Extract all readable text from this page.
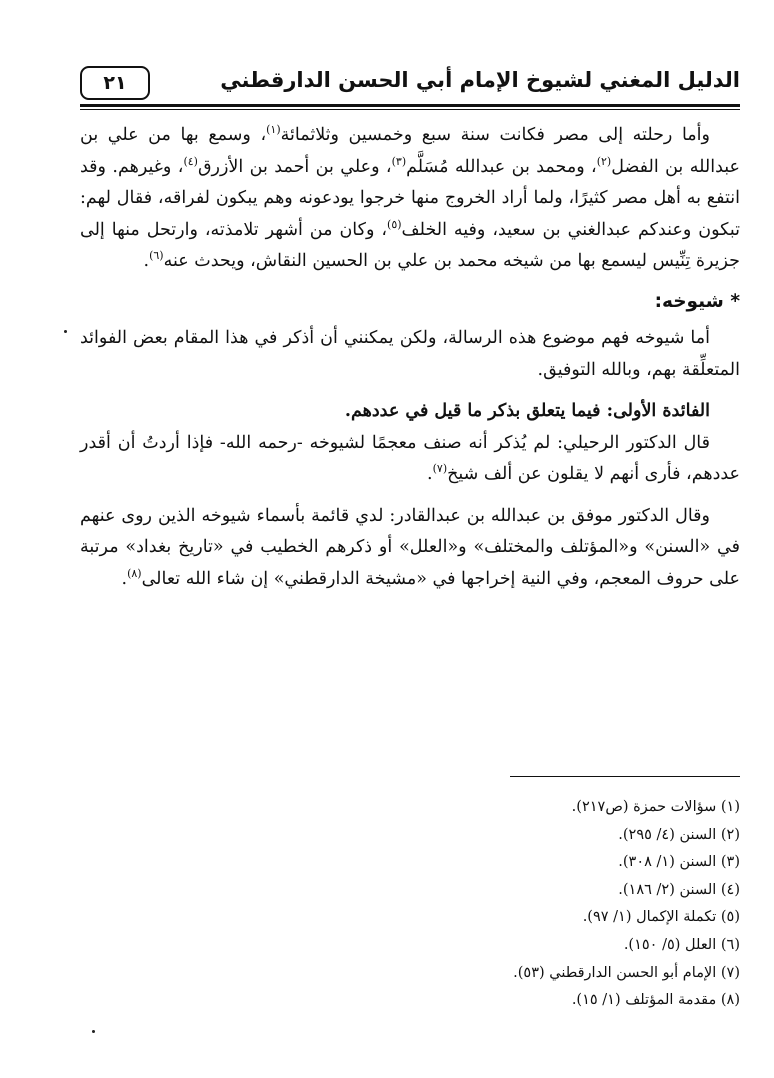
٢١	الدليل المغني لشيوخ الإمام أبي الحسن الدارقطني

وأما رحلته إلى مصر فكانت سنة سبع وخمسين وثلاثمائة$^{(١)}$، وسمع بها من علي بن عبدالله بن الفضل$^{(٢)}$، ومحمد بن عبدالله مُسَلَّم$^{(٣)}$، وعلي بن أحمد بن الأزرق$^{(٤)}$، وغيرهم. وقد انتفع به أهل مصر كثيرًا، ولما أراد الخروج منها خرجوا يودعونه وهم يبكون لفراقه، فقال لهم: تبكون وعندكم عبدالغني بن سعيد، وفيه الخلف$^{(٥)}$، وكان من أشهر تلامذته، وارتحل منها إلى جزيرة تِنِّيس ليسمع بها من شيخه محمد بن علي بن الحسين النقاش، ويحدث عنه$^{(٦)}$.

* شيوخه:

أما شيوخه فهم موضوع هذه الرسالة، ولكن يمكنني أن أذكر في هذا المقام بعض الفوائد المتعلِّقة بهم، وبالله التوفيق.

الفائدة الأولى: فيما يتعلق بذكر ما قيل في عددهم.

قال الدكتور الرحيلي: لم يُذكر أنه صنف معجمًا لشيوخه -رحمه الله- فإذا أردتُ أن أقدر عددهم، فأرى أنهم لا يقلون عن ألف شيخ$^{(٧)}$.

وقال الدكتور موفق بن عبدالله بن عبدالقادر: لدي قائمة بأسماء شيوخه الذين روى عنهم في «السنن» و«المؤتلف والمختلف» و«العلل» أو ذكرهم الخطيب في «تاريخ بغداد» مرتبة على حروف المعجم، وفي النية إخراجها في «مشيخة الدارقطني» إن شاء الله تعالى$^{(٨)}$.

(١) سؤالات حمزة (ص٢١٧).
(٢) السنن (٤/ ٢٩٥).
(٣) السنن (١/ ٣٠٨).
(٤) السنن (٢/ ١٨٦).
(٥) تكملة الإكمال (١/ ٩٧).
(٦) العلل (٥/ ١٥٠).
(٧) الإمام أبو الحسن الدارقطني (٥٣).
(٨) مقدمة المؤتلف (١/ ١٥).
